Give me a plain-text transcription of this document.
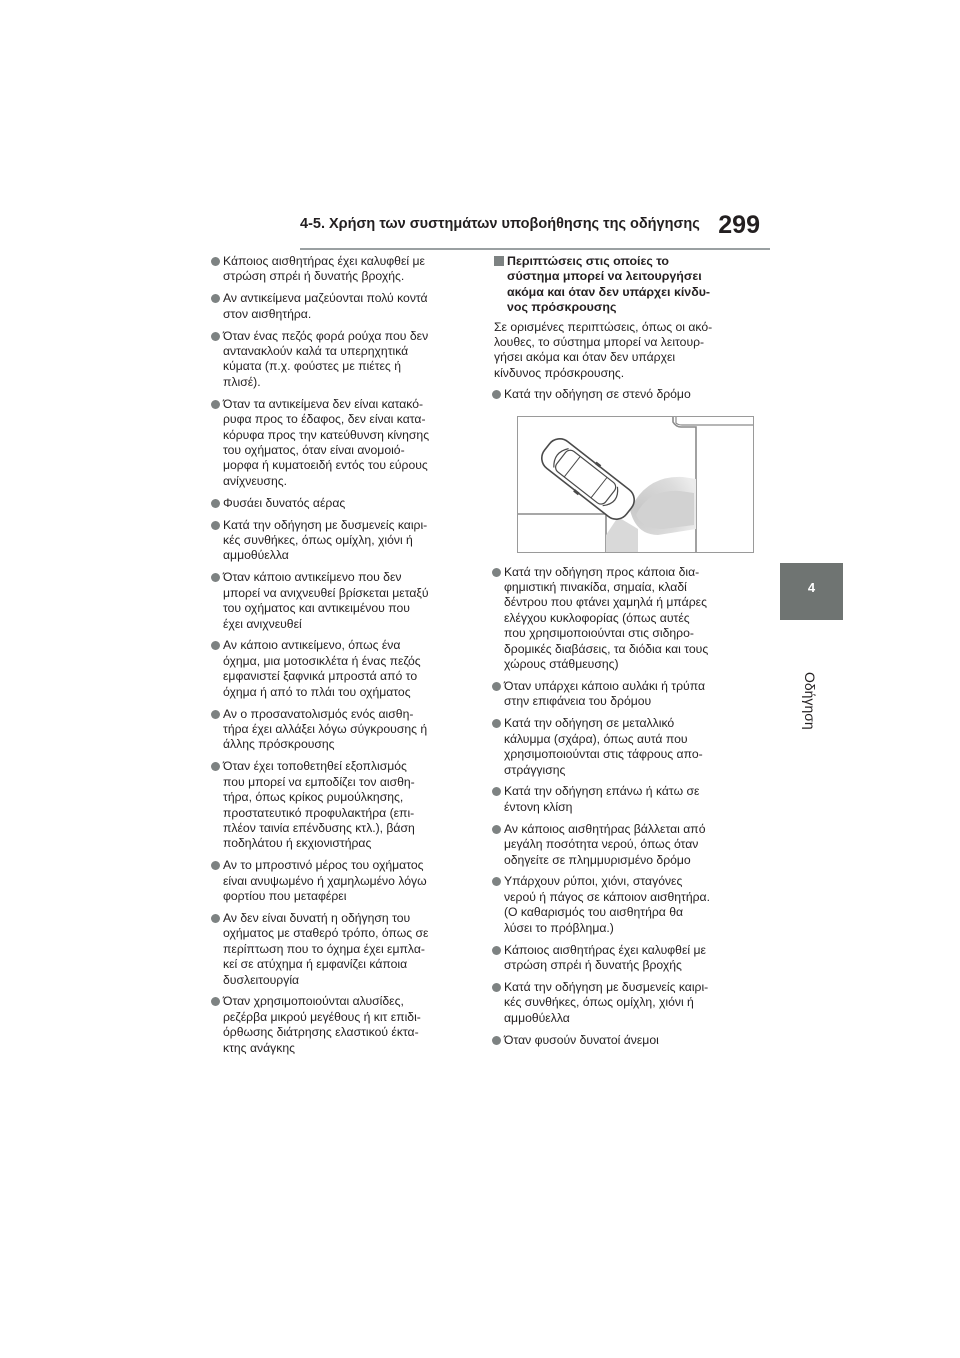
4-5. Χρήση των συστημάτων υποβοήθησης της οδήγησης 299
4
Οδήγηση
Κάποιος αισθητήρας έχει καλυφθεί με
στρώση σπρέι ή δυνατής βροχής.
Αν αντικείμενα μαζεύονται πολύ κοντά
στον αισθητήρα.
Όταν ένας πεζός φορά ρούχα που δεν
αντανακλούν καλά τα υπερηχητικά
κύματα (π.χ. φούστες με πιέτες ή
πλισέ).
Όταν τα αντικείμενα δεν είναι κατακό-
ρυφα προς το έδαφος, δεν είναι κατα-
κόρυφα προς την κατεύθυνση κίνησης
του οχήματος, όταν είναι ανομοιό-
μορφα ή κυματοειδή εντός του εύρους
ανίχνευσης.
Φυσάει δυνατός αέρας
Κατά την οδήγηση με δυσμενείς καιρι-
κές συνθήκες, όπως ομίχλη, χιόνι ή
αμμοθύελλα
Όταν κάποιο αντικείμενο που δεν
μπορεί να ανιχνευθεί βρίσκεται μεταξύ
του οχήματος και αντικειμένου που
έχει ανιχνευθεί
Αν κάποιο αντικείμενο, όπως ένα
όχημα, μια μοτοσικλέτα ή ένας πεζός
εμφανιστεί ξαφνικά μπροστά από το
όχημα ή από το πλάι του οχήματος
Αν ο προσανατολισμός ενός αισθη-
τήρα έχει αλλάξει λόγω σύγκρουσης ή
άλλης πρόσκρουσης
Όταν έχει τοποθετηθεί εξοπλισμός
που μπορεί να εμποδίζει τον αισθη-
τήρα, όπως κρίκος ρυμούλκησης,
προστατευτικό προφυλακτήρα (επι-
πλέον ταινία επένδυσης κτλ.), βάση
ποδηλάτου ή εκχιονιστήρας
Αν το μπροστινό μέρος του οχήματος
είναι ανυψωμένο ή χαμηλωμένο λόγω
φορτίου που μεταφέρει
Αν δεν είναι δυνατή η οδήγηση του
οχήματος με σταθερό τρόπο, όπως σε
περίπτωση που το όχημα έχει εμπλα-
κεί σε ατύχημα ή εμφανίζει κάποια
δυσλειτουργία
Όταν χρησιμοποιούνται αλυσίδες,
ρεζέρβα μικρού μεγέθους ή κιτ επιδι-
όρθωσης διάτρησης ελαστικού έκτα-
κτης ανάγκης
Περιπτώσεις στις οποίες το
σύστημα μπορεί να λειτουργήσει
ακόμα και όταν δεν υπάρχει κίνδυ-
νος πρόσκρουσης
Σε ορισμένες περιπτώσεις, όπως οι ακό-
λουθες, το σύστημα μπορεί να λειτουρ-
γήσει ακόμα και όταν δεν υπάρχει
κίνδυνος πρόσκρουσης.
Κατά την οδήγηση σε στενό δρόμο
Κατά την οδήγηση προς κάποια δια-
φημιστική πινακίδα, σημαία, κλαδί
δέντρου που φτάνει χαμηλά ή μπάρες
ελέγχου κυκλοφορίας (όπως αυτές
που χρησιμοποιούνται στις σιδηρο-
δρομικές διαβάσεις, τα διόδια και τους
χώρους στάθμευσης)
Όταν υπάρχει κάποιο αυλάκι ή τρύπα
στην επιφάνεια του δρόμου
Κατά την οδήγηση σε μεταλλικό
κάλυμμα (σχάρα), όπως αυτά που
χρησιμοποιούνται στις τάφρους απο-
στράγγισης
Κατά την οδήγηση επάνω ή κάτω σε
έντονη κλίση
Αν κάποιος αισθητήρας βάλλεται από
μεγάλη ποσότητα νερού, όπως όταν
οδηγείτε σε πλημμυρισμένο δρόμο
Υπάρχουν ρύποι, χιόνι, σταγόνες
νερού ή πάγος σε κάποιον αισθητήρα.
(Ο καθαρισμός του αισθητήρα θα
λύσει το πρόβλημα.)
Κάποιος αισθητήρας έχει καλυφθεί με
στρώση σπρέι ή δυνατής βροχής
Κατά την οδήγηση με δυσμενείς καιρι-
κές συνθήκες, όπως ομίχλη, χιόνι ή
αμμοθύελλα
Όταν φυσούν δυνατοί άνεμοι
